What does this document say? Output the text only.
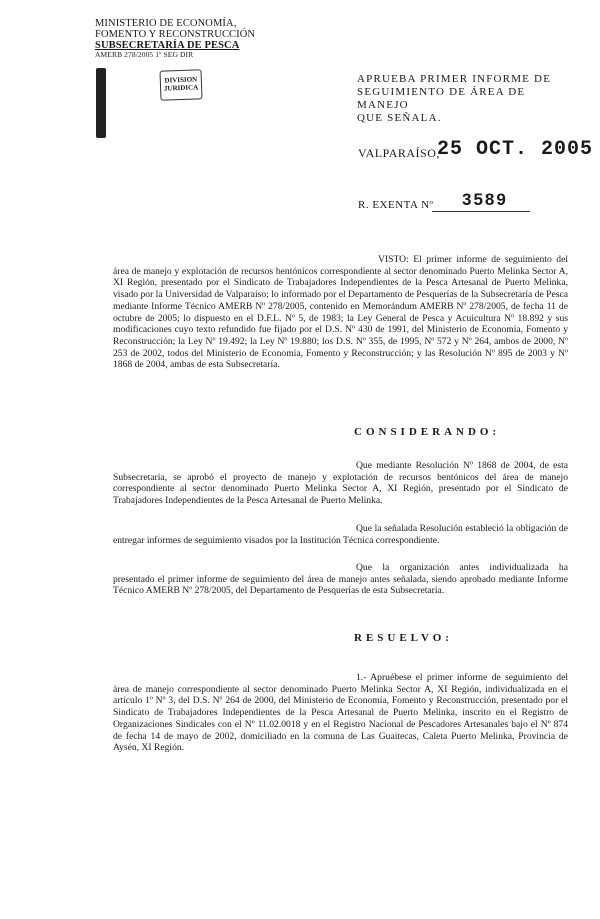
MINISTERIO DE ECONOMÍA,
FOMENTO Y RECONSTRUCCIÓN
SUBSECRETARÍA DE PESCA
AMERB 278/2005 1º SEG DIR
DIVISION
JURIDICA
APRUEBA PRIMER INFORME DE
SEGUIMIENTO DE ÁREA DE MANEJO
QUE SEÑALA.
VALPARAÍSO,
25 OCT. 2005
R. EXENTA Nº 3589
VISTO: El primer informe de seguimiento del área de manejo y explotación de recursos bentónicos correspondiente al sector denominado Puerto Melinka Sector A, XI Región, presentado por el Sindicato de Trabajadores Independientes de la Pesca Artesanal de Puerto Melinka, visado por la Universidad de Valparaíso; lo informado por el Departamento de Pesquerías de la Subsecretaría de Pesca mediante Informe Técnico AMERB Nº 278/2005, contenido en Memorándum AMERB Nº 278/2005, de fecha 11 de octubre de 2005; lo dispuesto en el D.F.L. Nº 5, de 1983; la Ley General de Pesca y Acuicultura Nº 18.892 y sus modificaciones cuyo texto refundido fue fijado por el D.S. Nº 430 de 1991, del Ministerio de Economía, Fomento y Reconstrucción; la Ley Nº 19.492; la Ley Nº 19.880; los D.S. Nº 355, de 1995, Nº 572 y Nº 264, ambos de 2000, Nº 253 de 2002, todos del Ministerio de Economía, Fomento y Reconstrucción; y las Resolución Nº 895 de 2003 y Nº 1868 de 2004, ambas de esta Subsecretaría.
CONSIDERANDO:
Que mediante Resolución Nº 1868 de 2004, de esta Subsecretaría, se aprobó el proyecto de manejo y explotación de recursos bentónicos del área de manejo correspondiente al sector denominado Puerto Melinka Sector A, XI Región, presentado por el Sindicato de Trabajadores Independientes de la Pesca Artesanal de Puerto Melinka.
Que la señalada Resolución estableció la obligación de entregar informes de seguimiento visados por la Institución Técnica correspondiente.
Que la organización antes individualizada ha presentado el primer informe de seguimiento del área de manejo antes señalada, siendo aprobado mediante Informe Técnico AMERB Nº 278/2005, del Departamento de Pesquerías de esta Subsecretaría.
RESUELVO:
1.- Apruébese el primer informe de seguimiento del área de manejo correspondiente al sector denominado Puerto Melinka Sector A, XI Región, individualizada en el artículo 1º Nº 3, del D.S. Nº 264 de 2000, del Ministerio de Economía, Fomento y Reconstrucción, presentado por el Sindicato de Trabajadores Independientes de la Pesca Artesanal de Puerto Melinka, inscrito en el Registro de Organizaciones Sindicales con el Nº 11.02.0018 y en el Registro Nacional de Pescadores Artesanales bajo el Nº 874 de fecha 14 de mayo de 2002, domiciliado en la comuna de Las Guaitecas, Caleta Puerto Melinka, Provincia de Aysén, XI Región.
